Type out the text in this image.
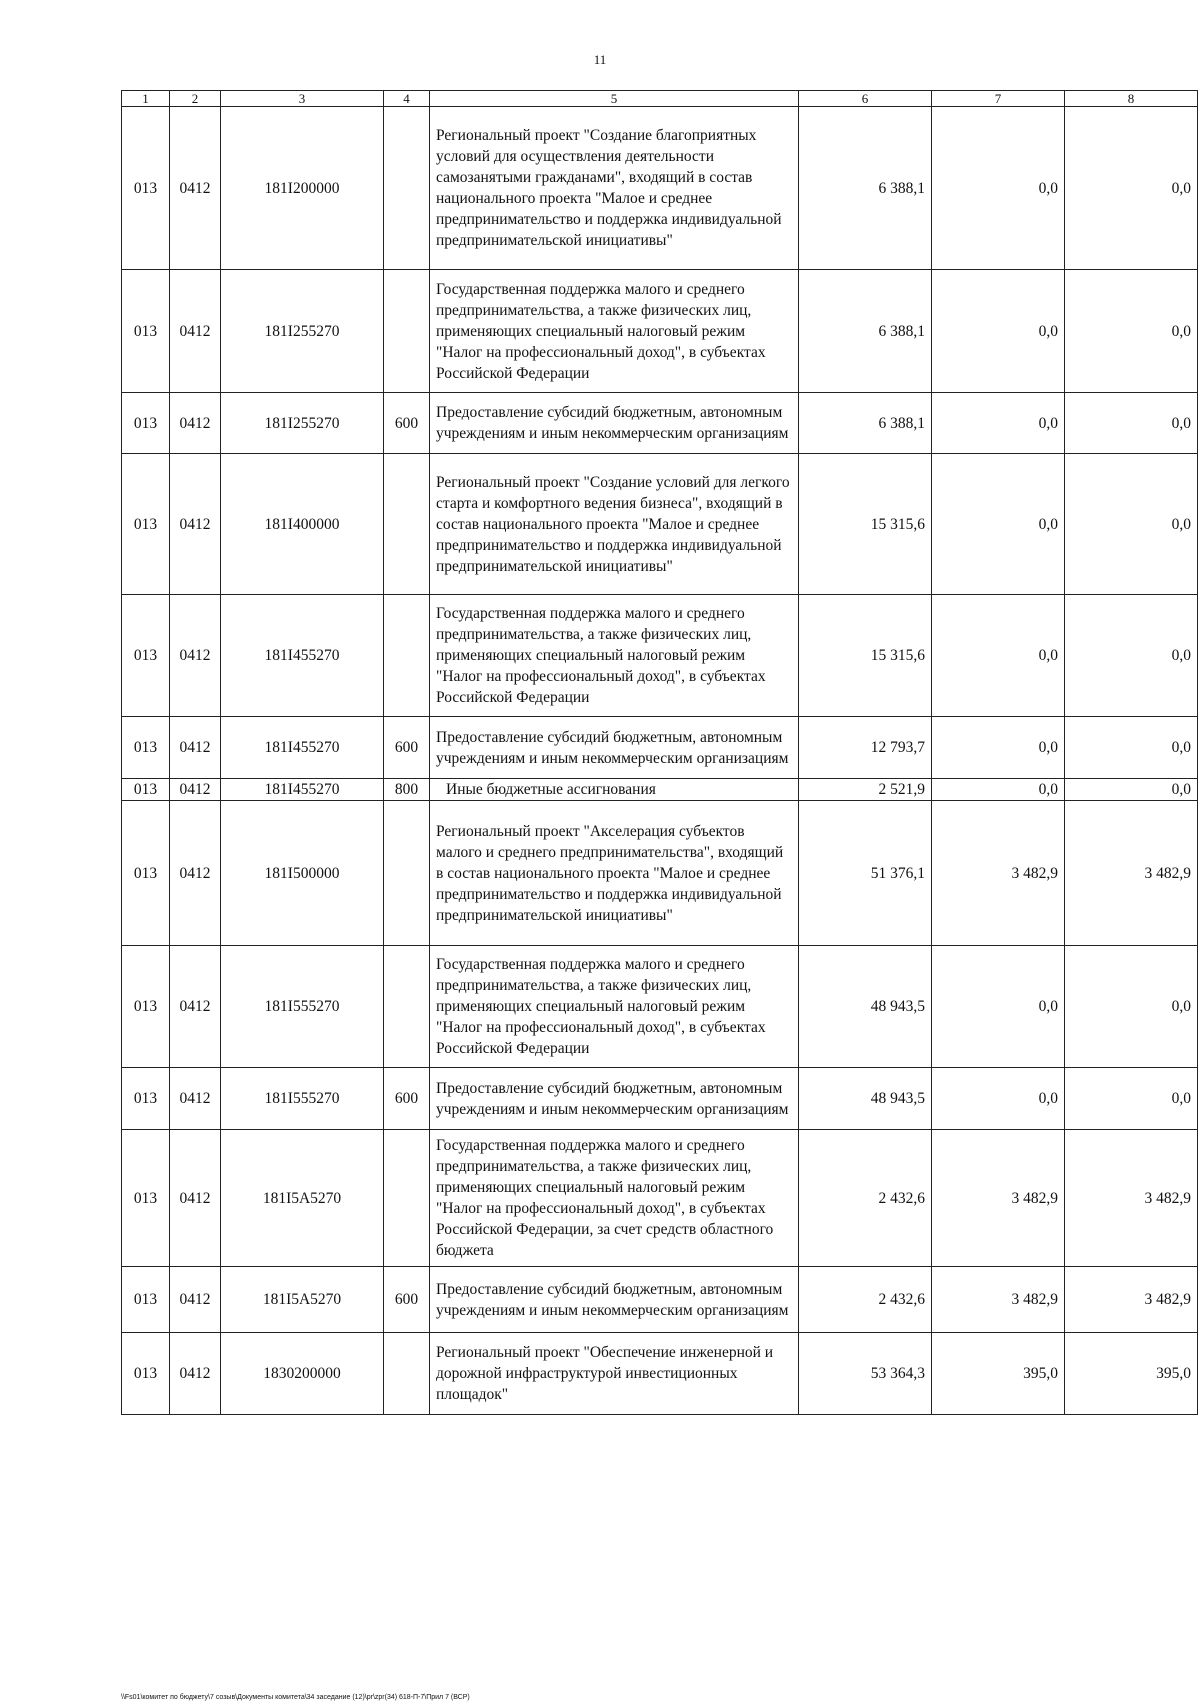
11
1	2	3	4	5	6	7	8
013	0412	181I200000		Региональный проект "Создание благоприятных условий для осуществления деятельности самозанятыми гражданами", входящий в состав национального проекта "Малое и среднее предпринимательство и поддержка индивидуальной предпринимательской инициативы"	6 388,1	0,0	0,0
013	0412	181I255270		Государственная поддержка малого и среднего предпринимательства, а также физических лиц, применяющих специальный налоговый режим "Налог на профессиональный доход", в субъектах Российской Федерации	6 388,1	0,0	0,0
013	0412	181I255270	600	Предоставление субсидий бюджетным, автономным учреждениям и иным некоммерческим организациям	6 388,1	0,0	0,0
013	0412	181I400000		Региональный проект "Создание условий для легкого старта и комфортного ведения бизнеса", входящий в состав национального проекта "Малое и среднее предпринимательство и поддержка индивидуальной предпринимательской инициативы"	15 315,6	0,0	0,0
013	0412	181I455270		Государственная поддержка малого и среднего предпринимательства, а также физических лиц, применяющих специальный налоговый режим "Налог на профессиональный доход", в субъектах Российской Федерации	15 315,6	0,0	0,0
013	0412	181I455270	600	Предоставление субсидий бюджетным, автономным учреждениям и иным некоммерческим организациям	12 793,7	0,0	0,0
013	0412	181I455270	800	Иные бюджетные ассигнования	2 521,9	0,0	0,0
013	0412	181I500000		Региональный проект "Акселерация субъектов малого и среднего предпринимательства", входящий в состав национального проекта "Малое и среднее предпринимательство и поддержка индивидуальной предпринимательской инициативы"	51 376,1	3 482,9	3 482,9
013	0412	181I555270		Государственная поддержка малого и среднего предпринимательства, а также физических лиц, применяющих специальный налоговый режим "Налог на профессиональный доход", в субъектах Российской Федерации	48 943,5	0,0	0,0
013	0412	181I555270	600	Предоставление субсидий бюджетным, автономным учреждениям и иным некоммерческим организациям	48 943,5	0,0	0,0
013	0412	181I5A5270		Государственная поддержка малого и среднего предпринимательства, а также физических лиц, применяющих специальный налоговый режим "Налог на профессиональный доход", в субъектах Российской Федерации, за счет средств областного бюджета	2 432,6	3 482,9	3 482,9
013	0412	181I5A5270	600	Предоставление субсидий бюджетным, автономным учреждениям и иным некоммерческим организациям	2 432,6	3 482,9	3 482,9
013	0412	1830200000		Региональный проект "Обеспечение инженерной и дорожной инфраструктурой инвестиционных площадок"	53 364,3	395,0	395,0
\\Fs01\комитет по бюджету\7 созыв\Документы комитета\34 заседание (12)\pr\zpr(34) 618-П-7\Прил 7 (ВСР)
